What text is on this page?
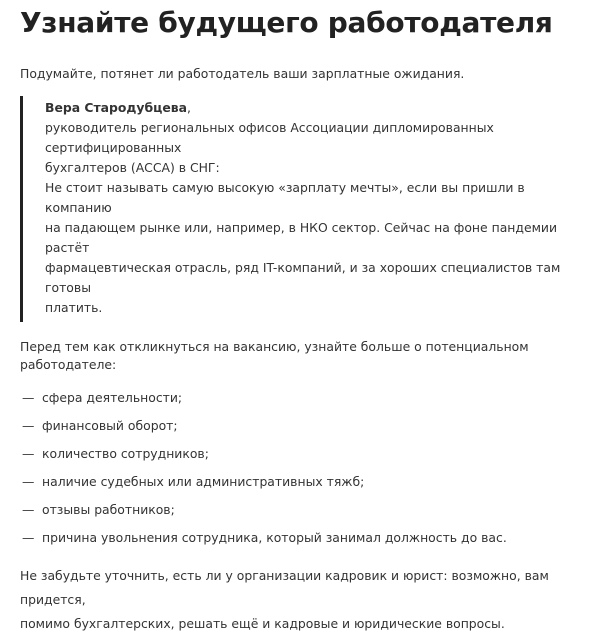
Узнайте будущего работодателя

Подумайте, потянет ли работодатель ваши зарплатные ожидания.

Вера Стародубцева,
руководитель региональных офисов Ассоциации дипломированных сертифицированных
бухгалтеров (АССА) в СНГ:
Не стоит называть самую высокую «зарплату мечты», если вы пришли в компанию
на падающем рынке или, например, в НКО сектор. Сейчас на фоне пандемии растёт
фармацевтическая отрасль, ряд IT-компаний, и за хороших специалистов там готовы
платить.

Перед тем как откликнуться на вакансию, узнайте больше о потенциальном работодателе:

— сфера деятельности;
— финансовый оборот;
— количество сотрудников;
— наличие судебных или административных тяжб;
— отзывы работников;
— причина увольнения сотрудника, который занимал должность до вас.

Не забудьте уточнить, есть ли у организации кадровик и юрист: возможно, вам придется,
помимо бухгалтерских, решать ещё и кадровые и юридические вопросы.
